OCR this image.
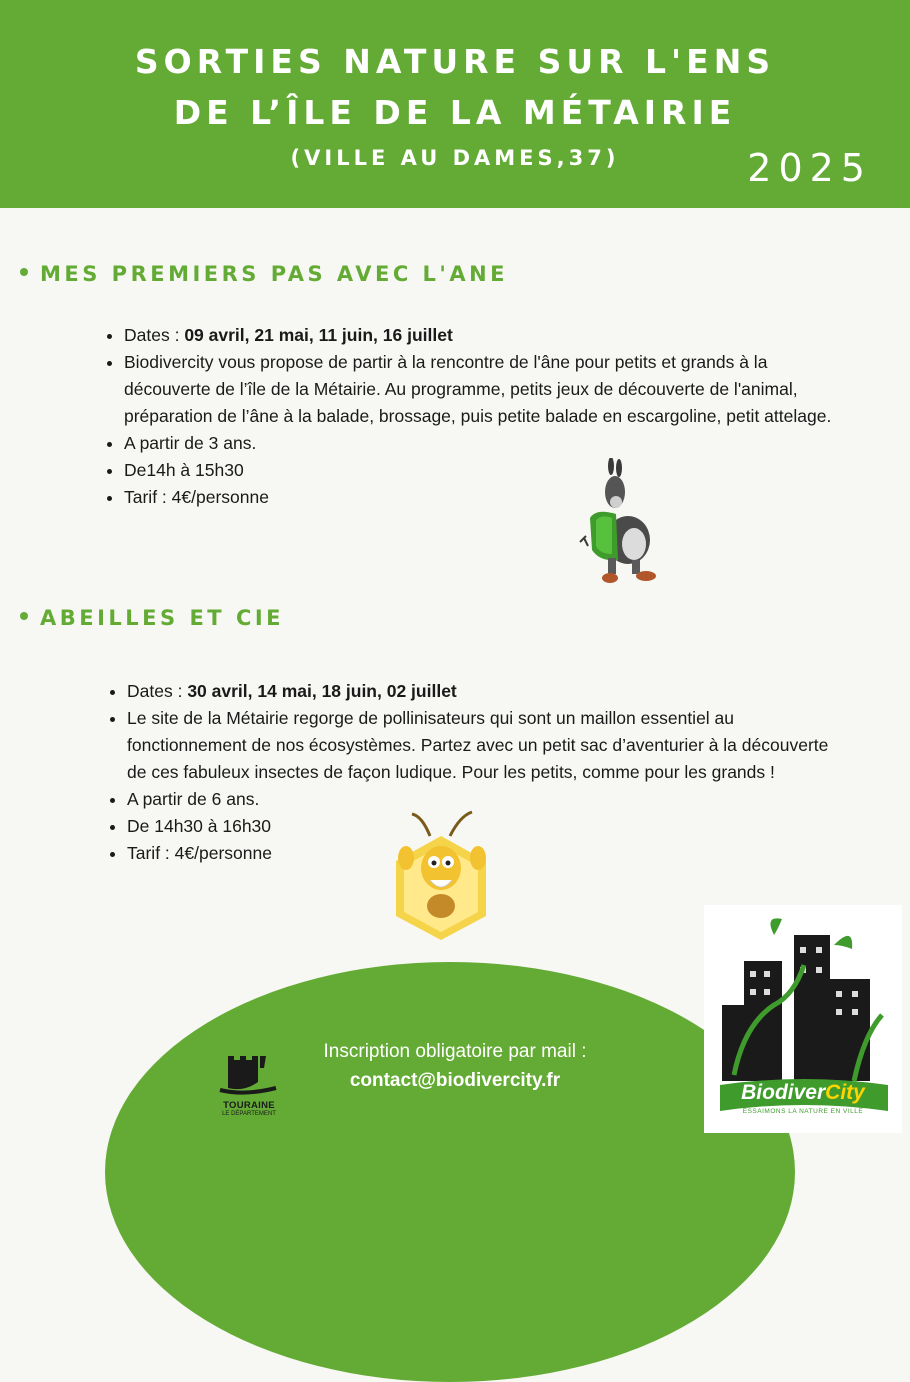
SORTIES NATURE SUR L'ENS
DE L’ÎLE DE LA MÉTAIRIE
(VILLE AU DAMES,37)	2025
MES PREMIERS PAS AVEC L'ANE
Dates : 09 avril, 21 mai, 11 juin, 16 juillet
Biodivercity vous propose de partir à la rencontre de l'âne pour petits et grands à la découverte de l’île de la Métairie. Au programme, petits jeux de découverte de l'animal, préparation de l’âne à la balade, brossage, puis petite balade en escargoline, petit attelage.
A partir de 3 ans.
De14h à 15h30
Tarif : 4€/personne
ABEILLES ET CIE
Dates : 30 avril, 14 mai, 18 juin, 02 juillet
Le site de la Métairie regorge de pollinisateurs qui sont un maillon essentiel au fonctionnement de nos écosystèmes. Partez avec un petit sac d’aventurier à la découverte de ces fabuleux insectes de façon ludique. Pour les petits, comme pour les grands !
A partir de 6 ans.
De 14h30 à 16h30
Tarif : 4€/personne
Inscription obligatoire par mail :
contact@biodivercity.fr
TOURAINE
LE DÉPARTEMENT
BiodiverCity
ESSAIMONS LA NATURE EN VILLE
